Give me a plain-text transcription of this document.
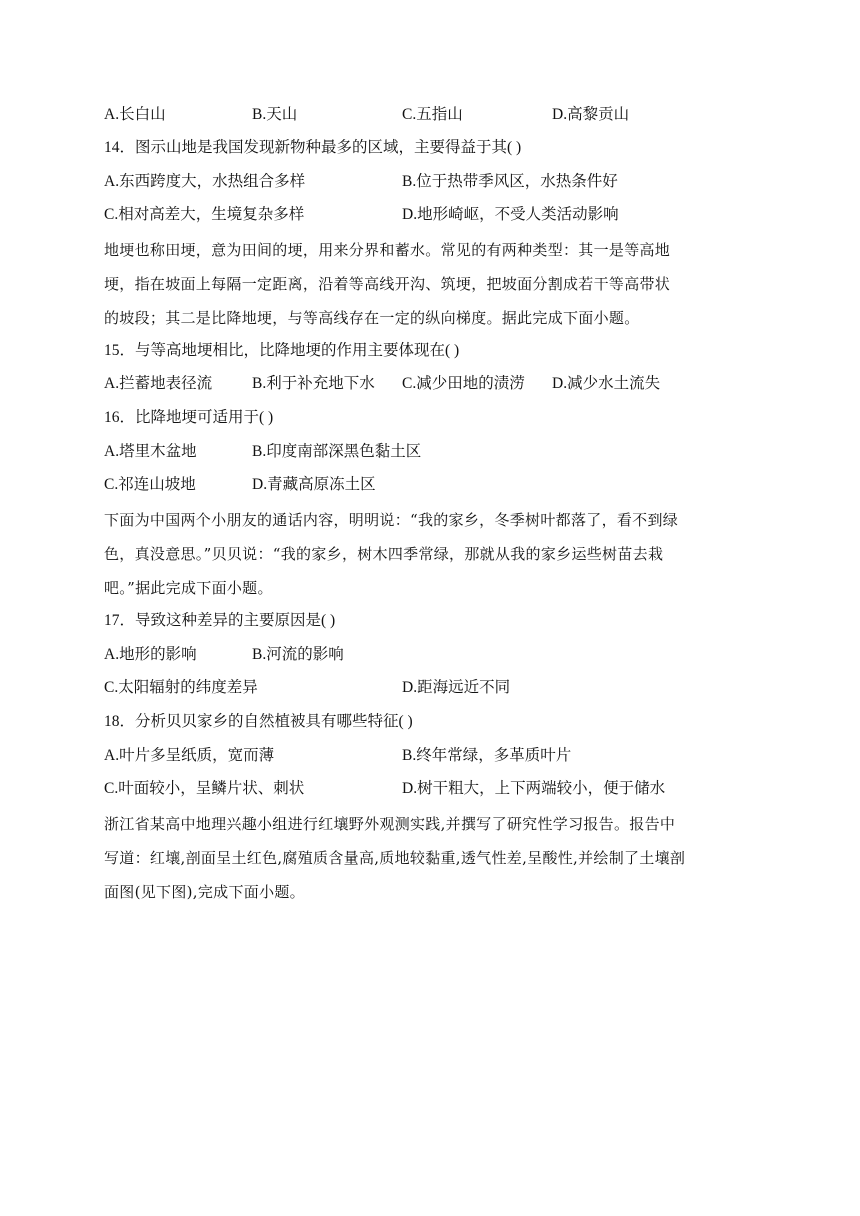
A.长白山	B.天山	C.五指山	D.高黎贡山
14．图示山地是我国发现新物种最多的区域，主要得益于其( )
A.东西跨度大，水热组合多样	B.位于热带季风区，水热条件好
C.相对高差大，生境复杂多样	D.地形崎岖，不受人类活动影响
地埂也称田埂，意为田间的埂，用来分界和蓄水。常见的有两种类型：其一是等高地
埂，指在坡面上每隔一定距离，沿着等高线开沟、筑埂，把坡面分割成若干等高带状
的坡段；其二是比降地埂，与等高线存在一定的纵向梯度。据此完成下面小题。
15．与等高地埂相比，比降地埂的作用主要体现在( )
A.拦蓄地表径流	B.利于补充地下水 C.减少田地的渍涝 D.减少水土流失
16．比降地埂可适用于( )
A.塔里木盆地	B.印度南部深黑色黏土区
C.祁连山坡地	D.青藏高原冻土区
下面为中国两个小朋友的通话内容，明明说：“我的家乡，冬季树叶都落了，看不到绿
色，真没意思。”贝贝说：“我的家乡，树木四季常绿，那就从我的家乡运些树苗去栽
吧。”据此完成下面小题。
17．导致这种差异的主要原因是( )
A.地形的影响	B.河流的影响
C.太阳辐射的纬度差异	D.距海远近不同
18．分析贝贝家乡的自然植被具有哪些特征( )
A.叶片多呈纸质，宽而薄	B.终年常绿，多革质叶片
C.叶面较小，呈鳞片状、刺状	D.树干粗大，上下两端较小，便于储水
浙江省某高中地理兴趣小组进行红壤野外观测实践,并撰写了研究性学习报告。报告中
写道：红壤,剖面呈土红色,腐殖质含量高,质地较黏重,透气性差,呈酸性,并绘制了土壤剖
面图(见下图),完成下面小题。
